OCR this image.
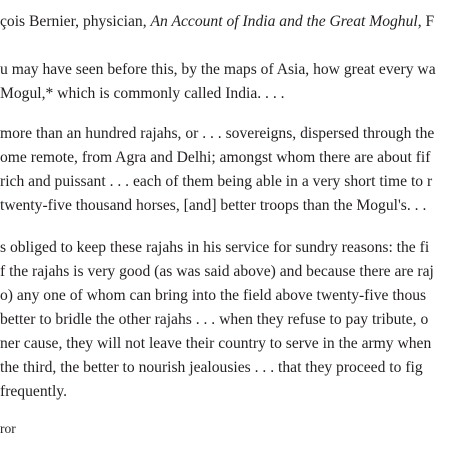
çois Bernier, physician, An Account of India and the Great Moghul, F
u may have seen before this, by the maps of Asia, how great every wa
Mogul,* which is commonly called India. . . .
more than an hundred rajahs, or . . . sovereigns, dispersed through the
ome remote, from Agra and Delhi; amongst whom there are about fif
rich and puissant . . . each of them being able in a very short time to r
twenty-five thousand horses, [and] better troops than the Mogul's. . .
s obliged to keep these rajahs in his service for sundry reasons: the fi
f the rajahs is very good (as was said above) and because there are raj
o) any one of whom can bring into the field above twenty-five thous
better to bridle the other rajahs . . . when they refuse to pay tribute, o
ner cause, they will not leave their country to serve in the army when
the third, the better to nourish jealousies . . . that they proceed to fig
frequently.
ror
